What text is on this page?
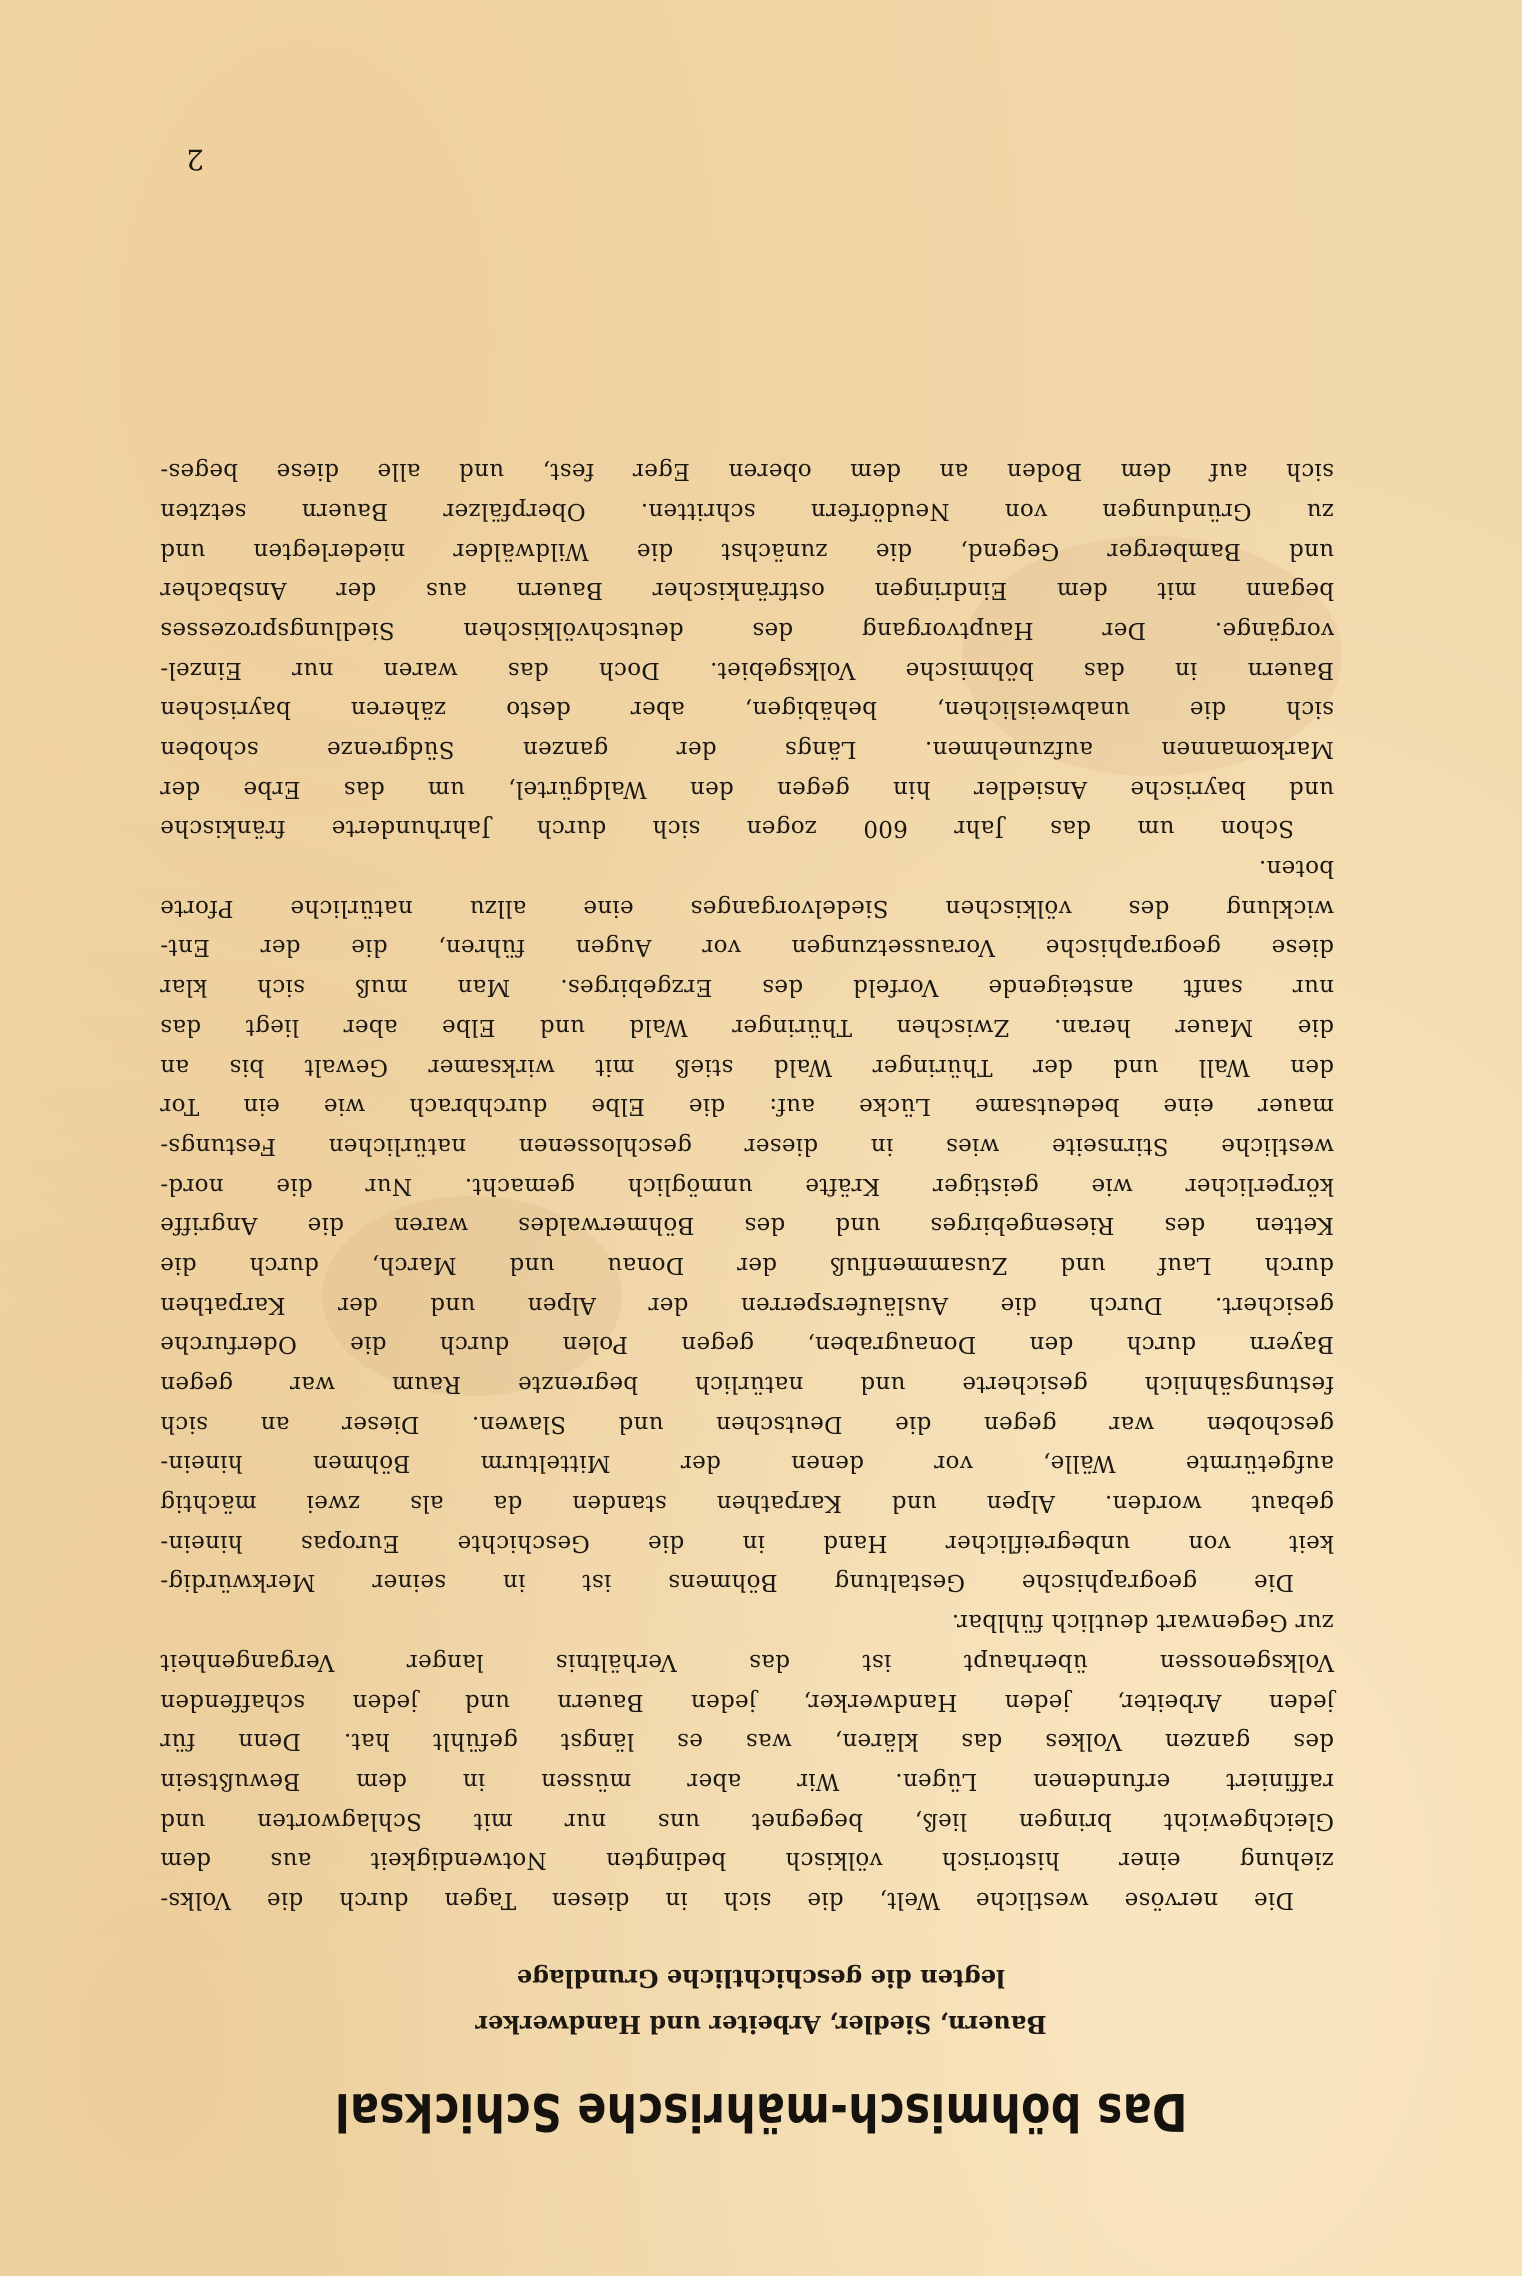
Das böhmisch-mährische Schicksal
Bauern, Siedler, Arbeiter und Handwerker
legten die geschichtliche Grundlage
Die nervöse westliche Welt, die sich in diesen Tagen durch die Volks-
ziehung einer historisch völkisch bedingten Notwendigkeit aus dem
Gleichgewicht bringen ließ, begegnet uns nur mit Schlagworten und
raffiniert erfundenen Lügen. Wir aber müssen in dem Bewußtsein
des ganzen Volkes das klären, was es längst gefühlt hat. Denn für
jeden Arbeiter, jeden Handwerker, jeden Bauern und jeden schaffenden
Volksgenossen überhaupt ist das Verhältnis langer Vergangenheit
zur Gegenwart deutlich fühlbar.
Die geographische Gestaltung Böhmens ist in seiner Merkwürdig-
keit von unbegreiflicher Hand in die Geschichte Europas hinein-
gebaut worden. Alpen und Karpathen standen da als zwei mächtig
aufgetürmte Wälle, vor denen der Mittelturm Böhmen hinein-
geschoben war gegen die Deutschen und Slawen. Dieser an sich
festungsähnlich gesicherte und natürlich begrenzte Raum war gegen
Bayern durch den Donaugraben, gegen Polen durch die Oderfurche
gesichert. Durch die Ausläufersperren der Alpen und der Karpathen
durch Lauf und Zusammenfluß der Donau und March, durch die
Ketten des Riesengebirges und des Böhmerwaldes waren die Angriffe
körperlicher wie geistiger Kräfte unmöglich gemacht. Nur die nord-
westliche Stirnseite wies in dieser geschlossenen natürlichen Festungs-
mauer eine bedeutsame Lücke auf: die Elbe durchbrach wie ein Tor
den Wall und der Thüringer Wald stieß mit wirksamer Gewalt bis an
die Mauer heran. Zwischen Thüringer Wald und Elbe aber liegt das
nur sanft ansteigende Vorfeld des Erzgebirges. Man muß sich klar
diese geographische Voraussetzungen vor Augen führen, die der Ent-
wicklung des völkischen Siedelvorganges eine allzu natürliche Pforte
boten.
Schon um das Jahr 600 zogen sich durch Jahrhunderte fränkische
und bayrische Ansiedler hin gegen den Waldgürtel, um das Erbe der
Markomannen aufzunehmen. Längs der ganzen Südgrenze schoben
sich die unabweislichen, behäbigen, aber desto zäheren bayrischen
Bauern in das böhmische Volksgebiet. Doch das waren nur Einzel-
vorgänge. Der Hauptvorgang des deutschvölkischen Siedlungsprozesses
begann mit dem Eindringen ostfränkischer Bauern aus der Ansbacher
und Bamberger Gegend, die zunächst die Wildwälder niederlegten und
zu Gründungen von Neudörfern schritten. Oberpfälzer Bauern setzten
sich auf dem Boden an dem oberen Eger fest, und alle diese beges-
2
